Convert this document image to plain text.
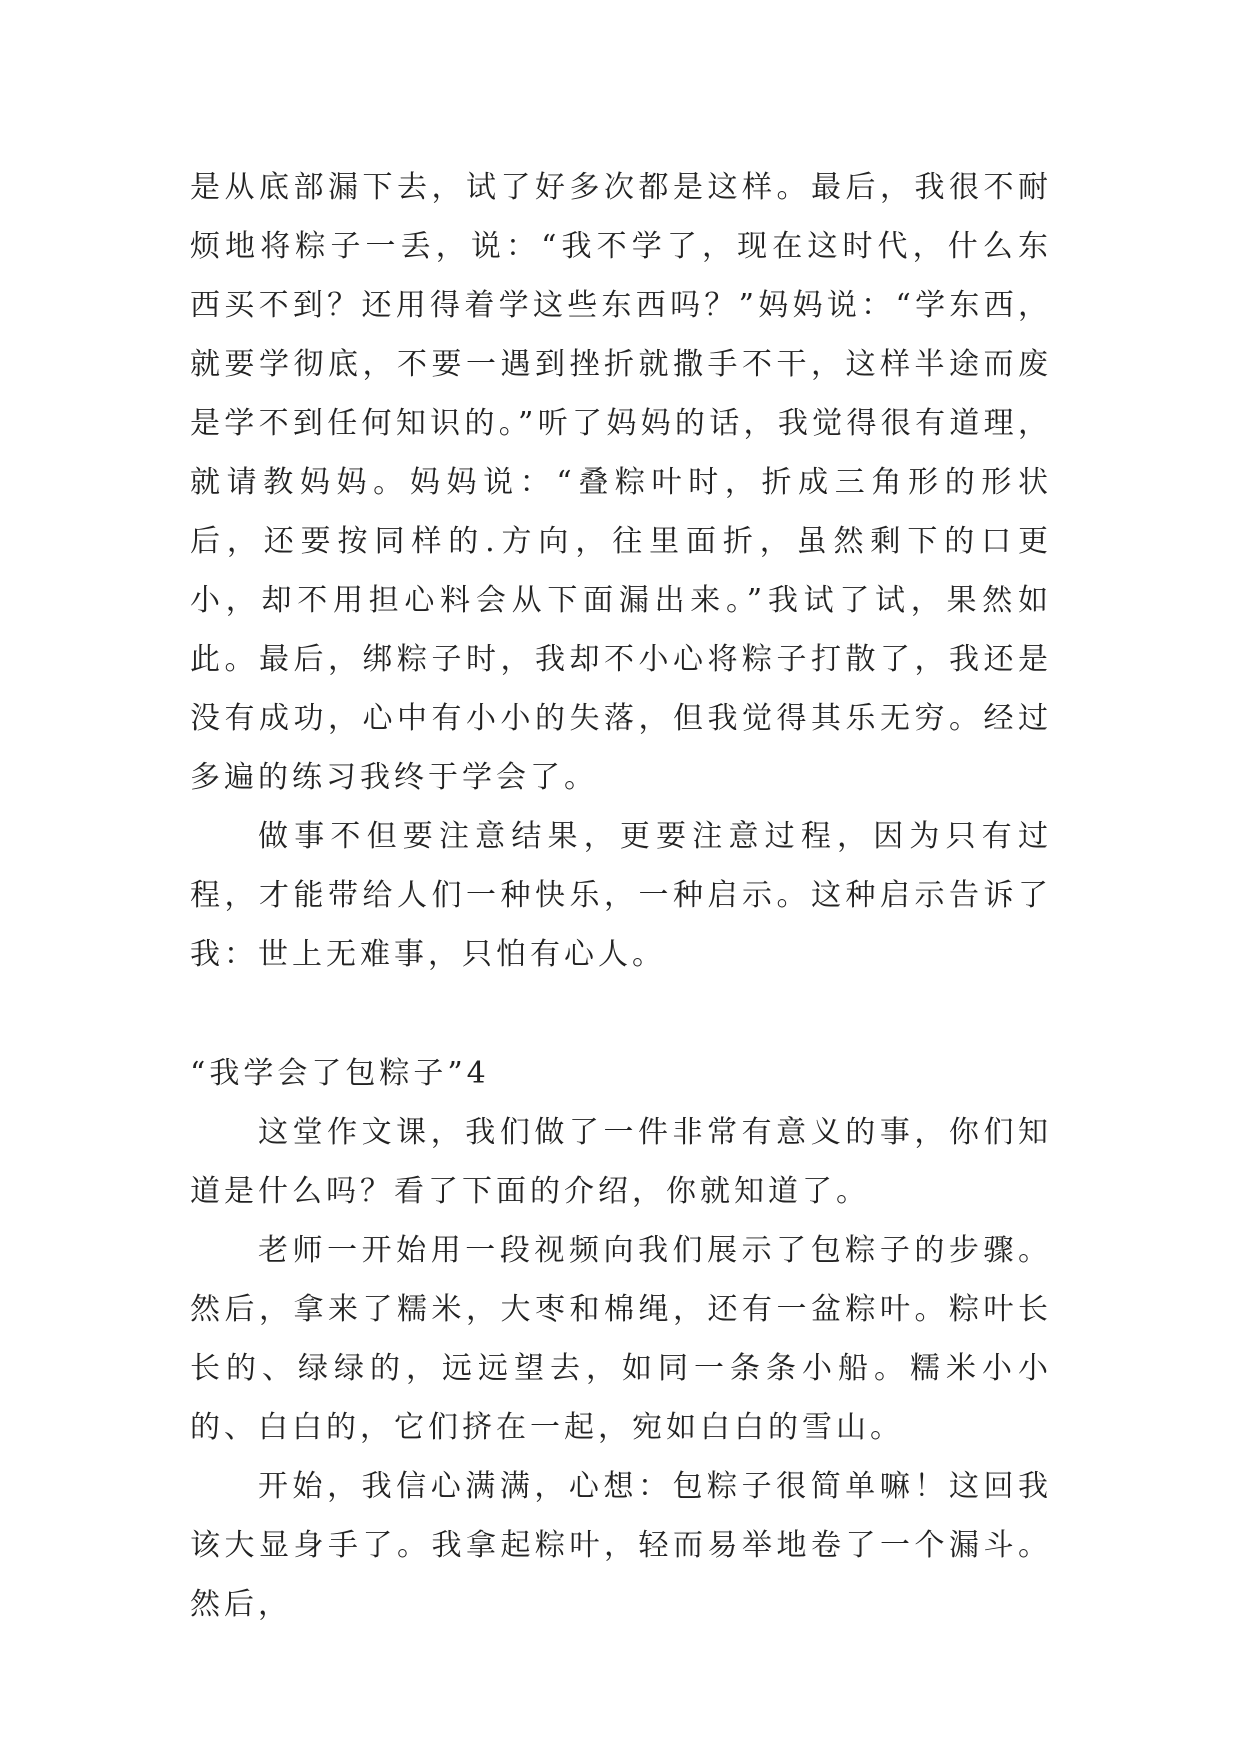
是从底部漏下去，试了好多次都是这样。最后，我很不耐烦地将粽子一丢，说：“我不学了，现在这时代，什么东西买不到？还用得着学这些东西吗？”妈妈说：“学东西，就要学彻底，不要一遇到挫折就撒手不干，这样半途而废是学不到任何知识的。”听了妈妈的话，我觉得很有道理，就请教妈妈。妈妈说：“叠粽叶时，折成三角形的形状后，还要按同样的.方向，往里面折，虽然剩下的口更小，却不用担心料会从下面漏出来。”我试了试，果然如此。最后，绑粽子时，我却不小心将粽子打散了，我还是没有成功，心中有小小的失落，但我觉得其乐无穷。经过多遍的练习我终于学会了。

做事不但要注意结果，更要注意过程，因为只有过程，才能带给人们一种快乐，一种启示。这种启示告诉了我：世上无难事，只怕有心人。

“我学会了包粽子”4

这堂作文课，我们做了一件非常有意义的事，你们知道是什么吗？看了下面的介绍，你就知道了。

老师一开始用一段视频向我们展示了包粽子的步骤。然后，拿来了糯米，大枣和棉绳，还有一盆粽叶。粽叶长长的、绿绿的，远远望去，如同一条条小船。糯米小小的、白白的，它们挤在一起，宛如白白的雪山。

开始，我信心满满，心想：包粽子很简单嘛！这回我该大显身手了。我拿起粽叶，轻而易举地卷了一个漏斗。然后，
